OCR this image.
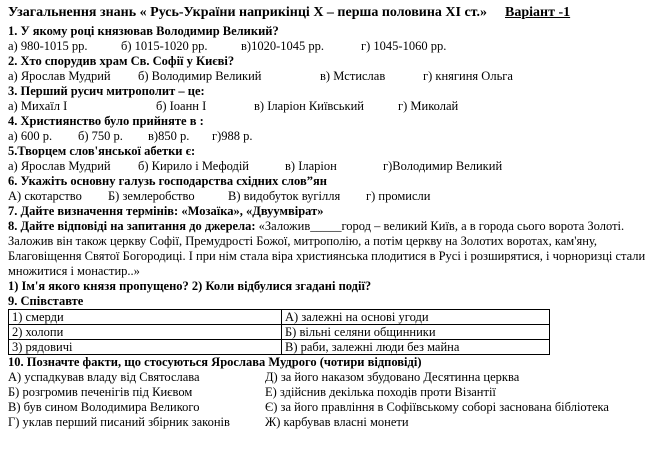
Узагальнення знань « Русь-України наприкінці Х – перша половина ХІ ст.» Варіант -1
1. У якому році князював Володимир Великий?
а) 980-1015 рр.	б) 1015-1020 рр.	в)1020-1045 рр.	г) 1045-1060 рр.
2. Хто спорудив храм Св. Софії у Києві?
а) Ярослав Мудрий	б) Володимир Великий	в) Мстислав	г) княгиня Ольга
3. Перший русич митрополит – це:
а) Михаїл І	б) Іоанн І	в) Іларіон Київський	г) Миколай
4. Християнство було прийняте в :
а) 600 р.	б) 750 р.	в)850 р.	г)988 р.
5.Творцем слов'янської абетки є:
а) Ярослав Мудрий	б) Кирило і Мефодій	в) Іларіон	г)Володимир Великий
6. Укажіть основну галузь господарства східних слов”ян
А) скотарство	Б) землеробство	В) видобуток вугілля	г) промисли
7. Дайте визначення термінів: «Мозаїка», «Двуумвірат»
8. Дайте відповіді на запитання до джерела: «Заложив_____город – великий Київ, а в города сього ворота Золоті. Заложив він також церкву Софії, Премудрості Божої, митрополію, а потім церкву на Золотих воротах, кам'яну, Благовіщення Святої Богородиці. І при нім стала віра християнська плодитися в Русі і розширятися, і чорноризці стали множитися і монастир..»
1) Ім'я якого князя пропущено? 2) Коли відбулися згадані події?
9. Співставте
1) смерди	А) залежні на основі угоди
2) холопи	Б) вільні селяни общинники
3) рядовичі	В) раби, залежні люди без майна
10. Позначте факти, що стосуються Ярослава Мудрого (чотири відповіді)
А) успадкував владу від Святослава	Д) за його наказом збудовано Десятинна церква
Б) розгромив печенігів під Києвом	Е) здійснив декілька походів проти Візантії
В) був сином Володимира Великого	Є) за його правління в Софіївському соборі заснована бібліотека
Г) уклав перший писаний збірник законів	Ж) карбував власні монети
